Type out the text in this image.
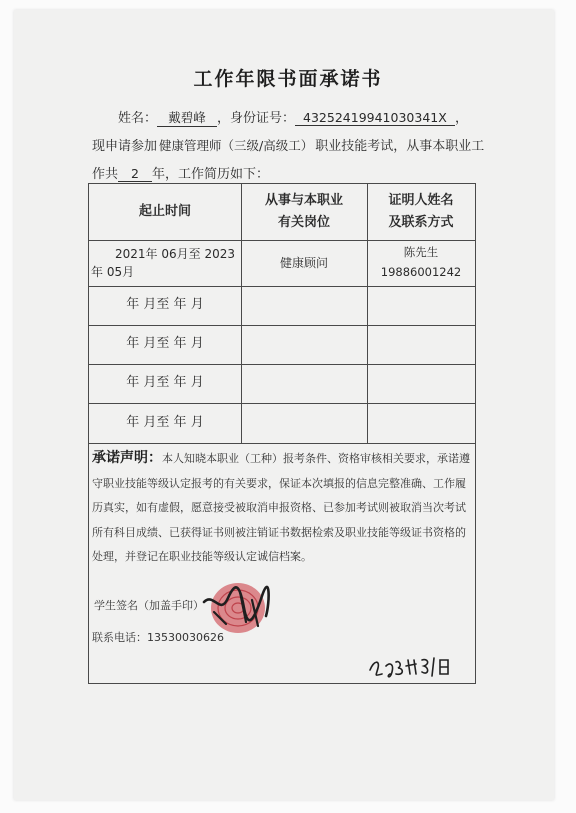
工作年限书面承诺书
姓名： 戴碧峰 ，身份证号： 43252419941030341X ，
现申请参加 健康管理师（三级/高级工） 职业技能考试，从事本职业工
作共 2 年，工作简历如下：
起止时间
从事与本职业
有关岗位
证明人姓名
及联系方式
2021年 06月至 2023
年 05月
健康顾问
陈先生19886001242
年 月至 年 月
年 月至 年 月
年 月至 年 月
年 月至 年 月
承诺声明：本人知晓本职业（工种）报考条件、资格审核相关要求，承诺遵守职业技能等级认定报考的有关要求，保证本次填报的信息完整准确、工作履历真实，如有虚假，愿意接受被取消申报资格、已参加考试则被取消当次考试所有科目成绩、已获得证书则被注销证书数据检索及职业技能等级证书资格的处理，并登记在职业技能等级认定诚信档案。
学生签名（加盖手印）
联系电话：13530030626
